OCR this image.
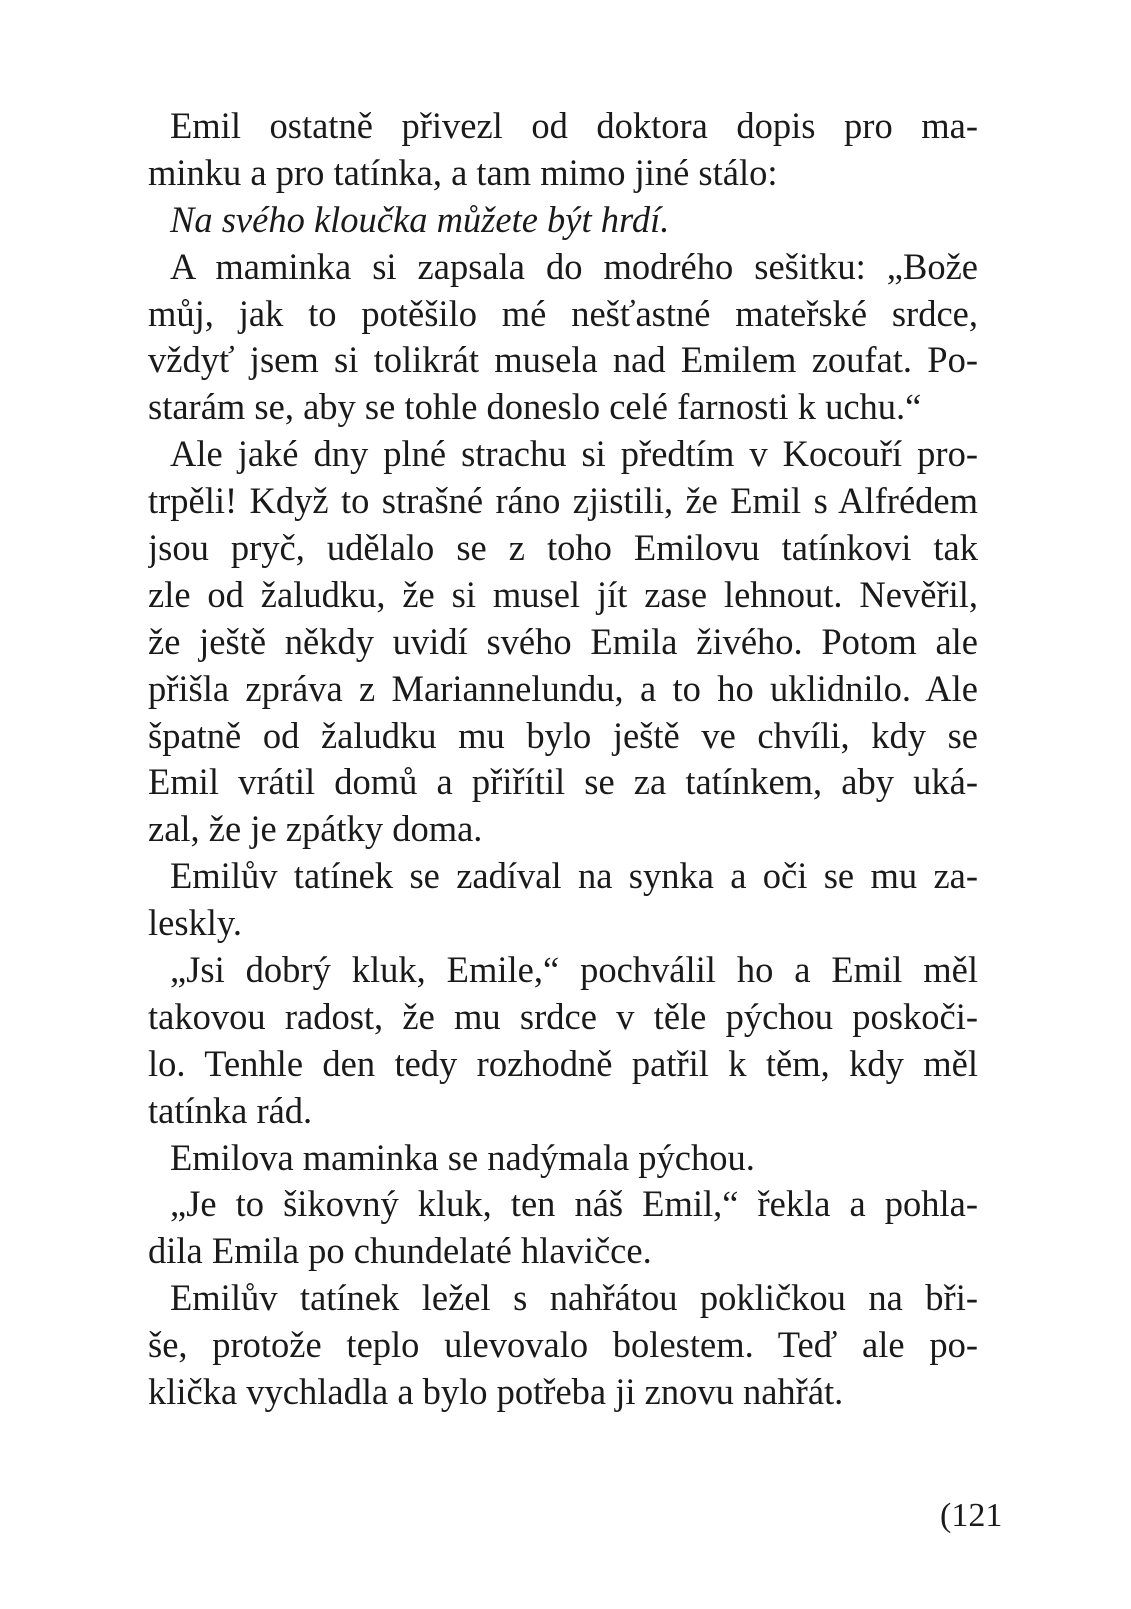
Emil ostatně přivezl od doktora dopis pro ma-
minku a pro tatínka, a tam mimo jiné stálo:
Na svého kloučka můžete být hrdí.
A maminka si zapsala do modrého sešitku: „Bože
můj, jak to potěšilo mé nešťastné mateřské srdce,
vždyť jsem si tolikrát musela nad Emilem zoufat. Po-
starám se, aby se tohle doneslo celé farnosti k uchu.“
Ale jaké dny plné strachu si předtím v Kocouří pro-
trpěli! Když to strašné ráno zjistili, že Emil s Alfrédem
jsou pryč, udělalo se z toho Emilovu tatínkovi tak
zle od žaludku, že si musel jít zase lehnout. Nevěřil,
že ještě někdy uvidí svého Emila živého. Potom ale
přišla zpráva z Mariannelundu, a to ho uklidnilo. Ale
špatně od žaludku mu bylo ještě ve chvíli, kdy se
Emil vrátil domů a přiřítil se za tatínkem, aby uká-
zal, že je zpátky doma.
Emilův tatínek se zadíval na synka a oči se mu za-
leskly.
„Jsi dobrý kluk, Emile,“ pochválil ho a Emil měl
takovou radost, že mu srdce v těle pýchou poskoči-
lo. Tenhle den tedy rozhodně patřil k těm, kdy měl
tatínka rád.
Emilova maminka se nadýmala pýchou.
„Je to šikovný kluk, ten náš Emil,“ řekla a pohla-
dila Emila po chundelaté hlavičce.
Emilův tatínek ležel s nahřátou pokličkou na bři-
še, protože teplo ulevovalo bolestem. Teď ale po-
klička vychladla a bylo potřeba ji znovu nahřát.
(121
